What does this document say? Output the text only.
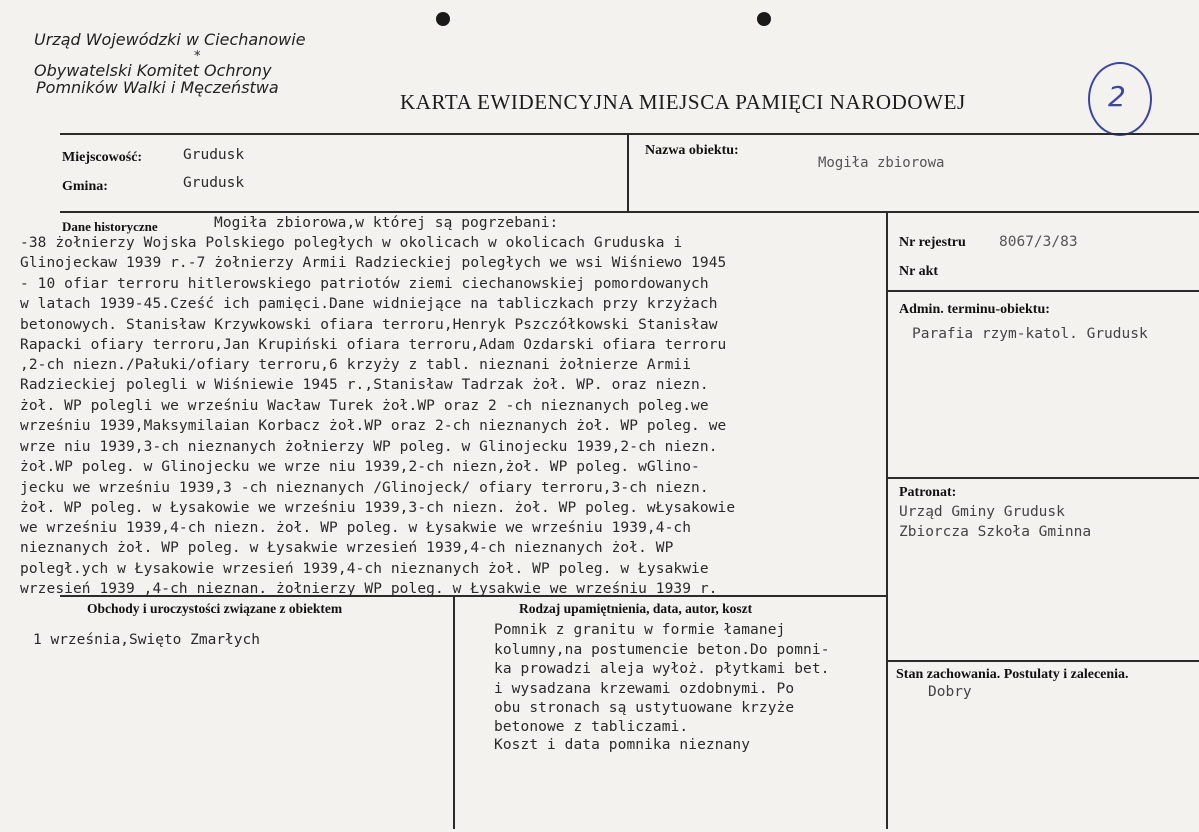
Urząd Wojewódzki w Ciechanowie
*
Obywatelski Komitet Ochrony
Pomników Walki i Męczeństwa
KARTA EWIDENCYJNA MIEJSCA PAMIĘCI NARODOWEJ	2
Miejscowość:	Grudusk
Gmina:	Grudusk
Nazwa obiektu:
Mogiła zbiorowa
Dane historyczne	Mogiła zbiorowa,w której są pogrzebani:
-38 żołnierzy Wojska Polskiego poległych w okolicach w okolicach Gruduska i
Glinojeckaw 1939 r.-7 żołnierzy Armii Radzieckiej poległych we wsi Wiśniewo 1945
- 10 ofiar terroru hitlerowskiego patriotów ziemi ciechanowskiej pomordowanych
w latach 1939-45.Cześć ich pamięci.Dane widniejące na tabliczkach przy krzyżach
betonowych. Stanisław Krzywkowski ofiara terroru,Henryk Pszczółkowski Stanisław
Rapacki ofiary terroru,Jan Krupiński ofiara terroru,Adam Ozdarski ofiara terroru
,2-ch niezn./Pałuki/ofiary terroru,6 krzyży z tabl. nieznani żołnierze Armii
Radzieckiej polegli w Wiśniewie 1945 r.,Stanisław Tadrzak żoł. WP. oraz niezn.
żoł. WP polegli we wrześniu Wacław Turek żoł.WP oraz 2 -ch nieznanych poleg.we
wrześniu 1939,Maksymilaian Korbacz żoł.WP oraz 2-ch nieznanych żoł. WP poleg. we
wrze niu 1939,3-ch nieznanych żołnierzy WP poleg. w Glinojecku 1939,2-ch niezn.
żoł.WP poleg. w Glinojecku we wrze niu 1939,2-ch niezn,żoł. WP poleg. wGlino-
jecku we wrześniu 1939,3 -ch nieznanych /Glinojeck/ ofiary terroru,3-ch niezn.
żoł. WP poleg. w Łysakowie we wrześniu 1939,3-ch niezn. żoł. WP poleg. wŁysakowie
we wrześniu 1939,4-ch niezn. żoł. WP poleg. w Łysakwie we wrześniu 1939,4-ch
nieznanych żoł. WP poleg. w Łysakwie wrzesień 1939,4-ch nieznanych żoł. WP
poległ.ych w Łysakowie wrzesień 1939,4-ch nieznanych żoł. WP poleg. w Łysakwie
wrzesień 1939 ,4-ch nieznan. żołnierzy WP poleg. w Łysakwie we wrześniu 1939 r.
Nr rejestru 8067/3/83
Nr akt
Admin. terminu-obiektu:
Parafia rzym-katol. Grudusk
Patronat:
Urząd Gminy Grudusk
Zbiorcza Szkoła Gminna
Stan zachowania. Postulaty i zalecenia.
Dobry
Obchody i uroczystości związane z obiektem
1 września,Swięto Zmarłych
Rodzaj upamiętnienia, data, autor, koszt
Pomnik z granitu w formie łamanej
kolumny,na postumencie beton.Do pomni-
ka prowadzi aleja wyłoż. płytkami bet.
i wysadzana krzewami ozdobnymi. Po
obu stronach są ustytuowane krzyże
betonowe z tabliczami.
Koszt i data pomnika nieznany
